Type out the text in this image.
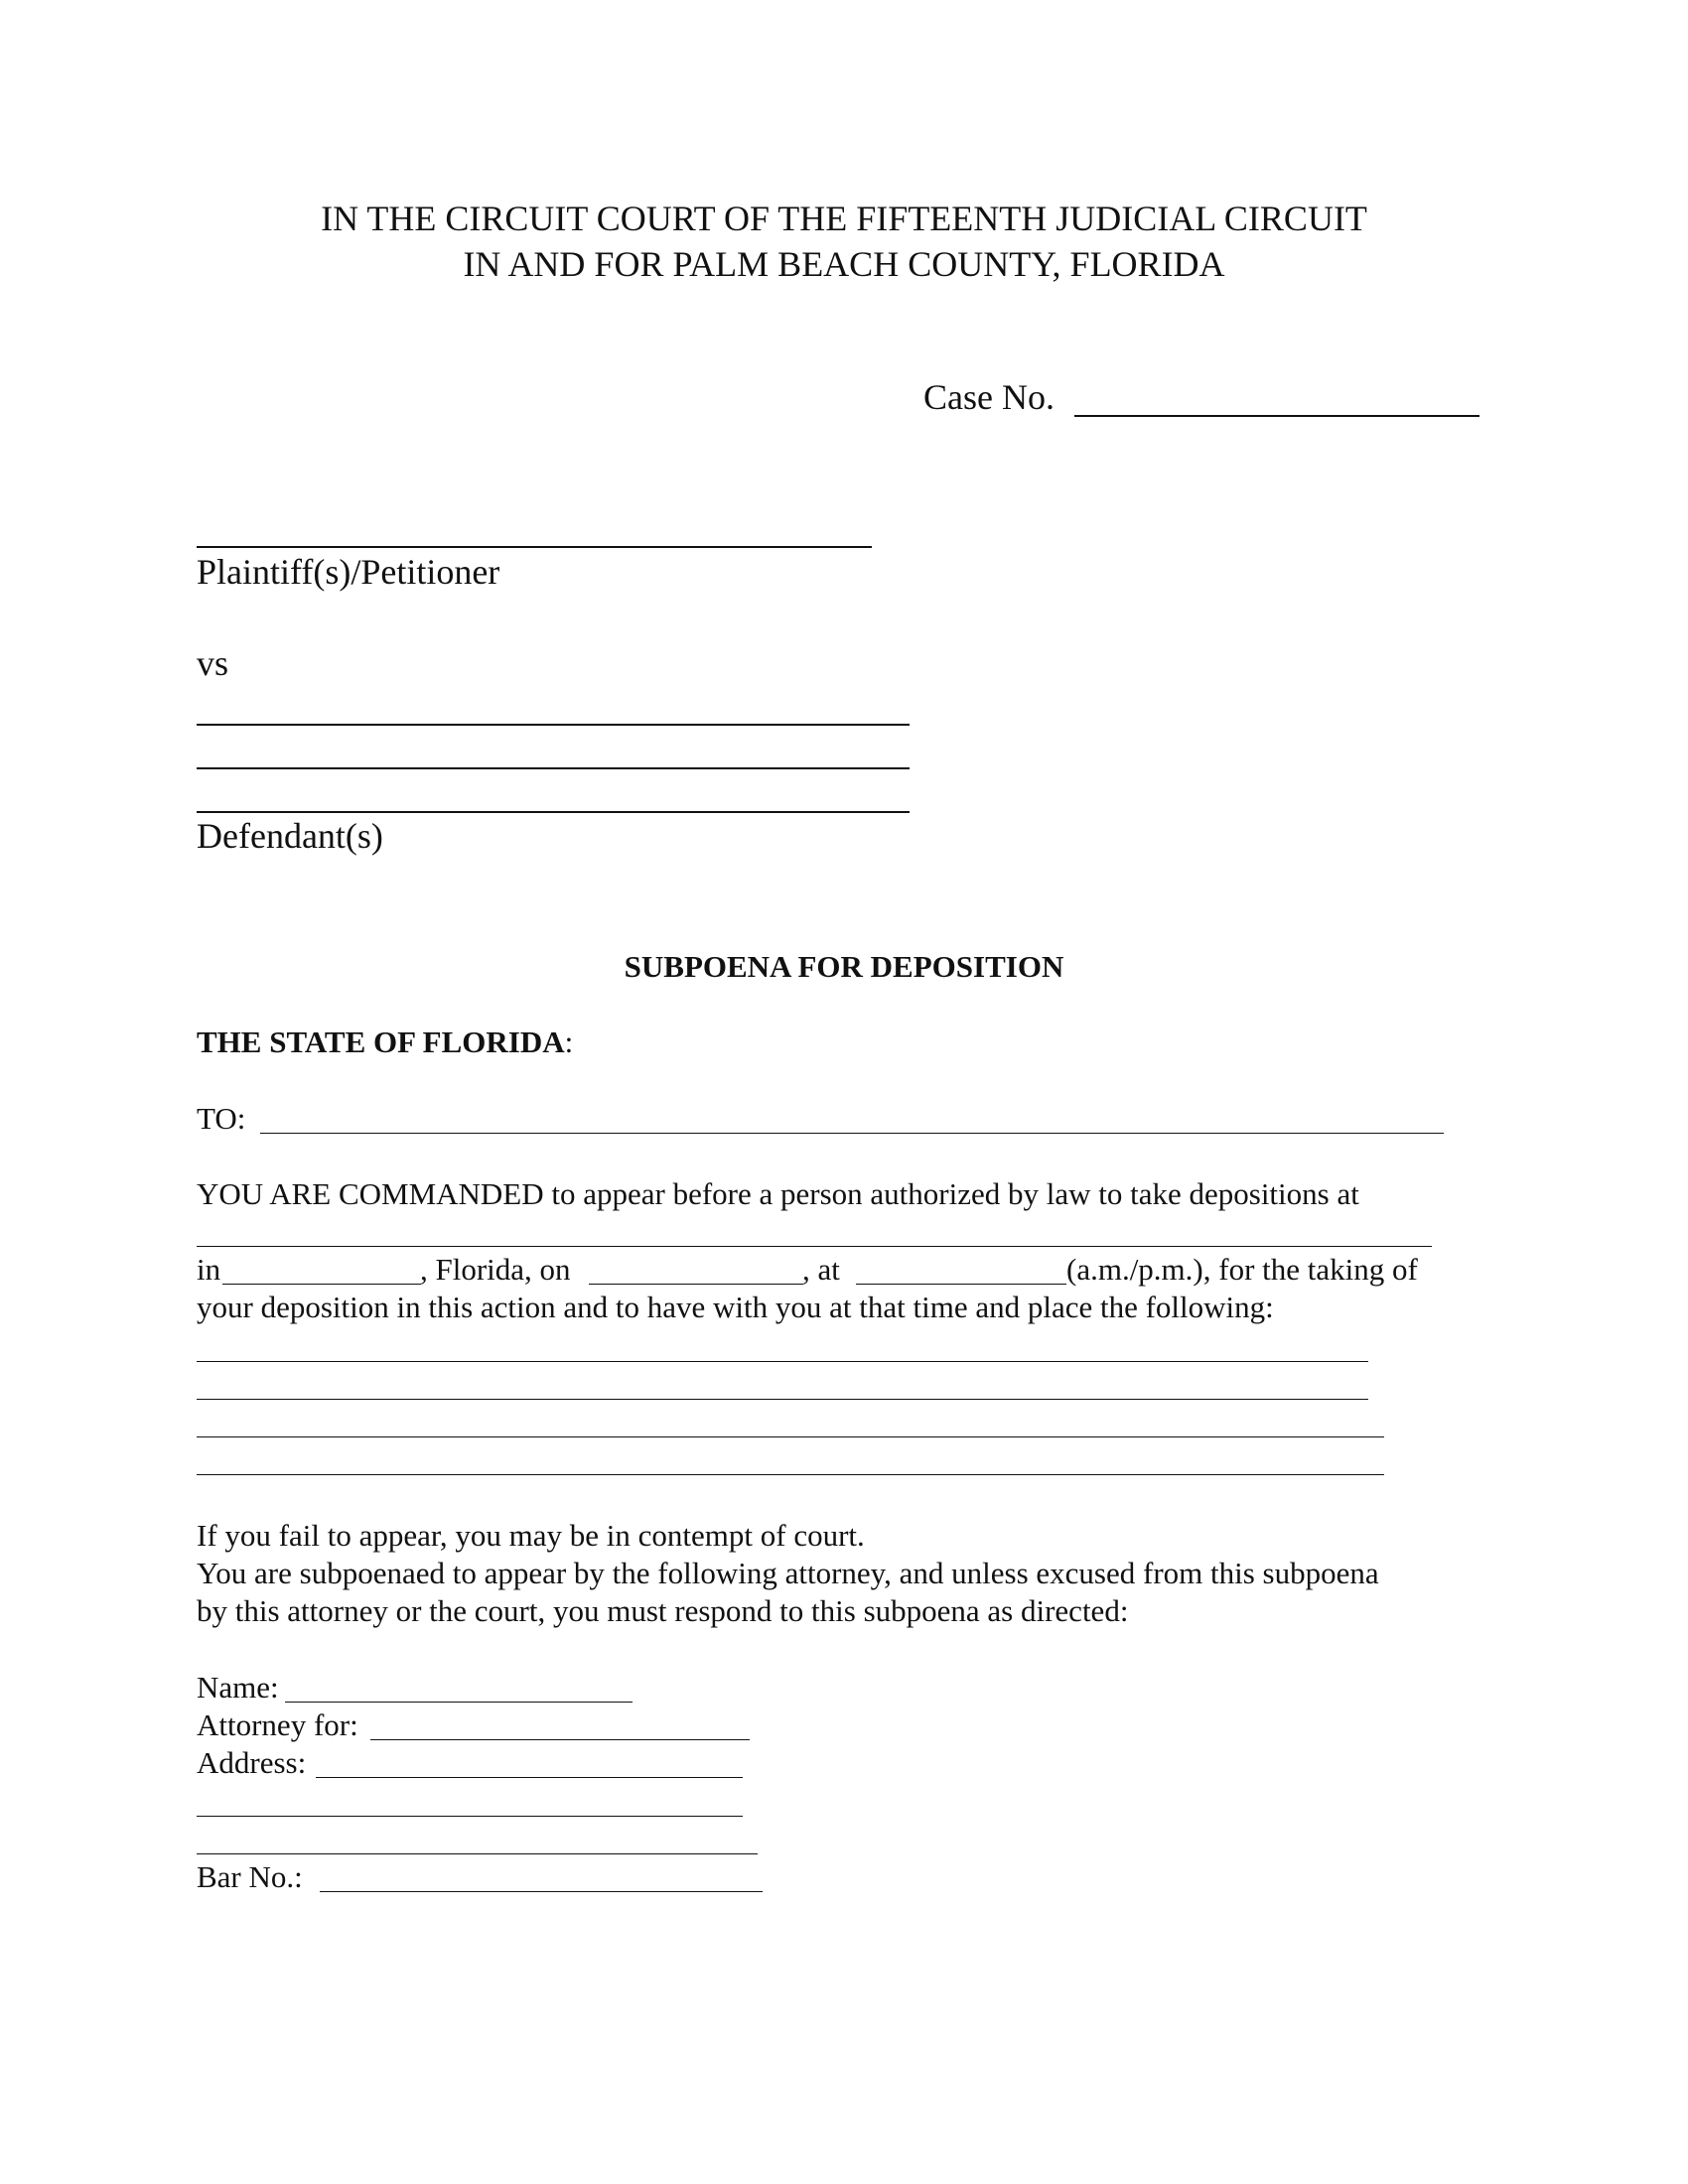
IN THE CIRCUIT COURT OF THE FIFTEENTH JUDICIAL CIRCUIT
IN AND FOR PALM BEACH COUNTY, FLORIDA
Case No.
Plaintiff(s)/Petitioner
vs
Defendant(s)
SUBPOENA FOR DEPOSITION
THE STATE OF FLORIDA:
TO:
YOU ARE COMMANDED to appear before a person authorized by law to take depositions at
in	, Florida, on	, at	(a.m./p.m.), for the taking of
your deposition in this action and to have with you at that time and place the following:
If you fail to appear, you may be in contempt of court.
You are subpoenaed to appear by the following attorney, and unless excused from this subpoena
by this attorney or the court, you must respond to this subpoena as directed:
Name:
Attorney for:
Address:
Bar No.:
